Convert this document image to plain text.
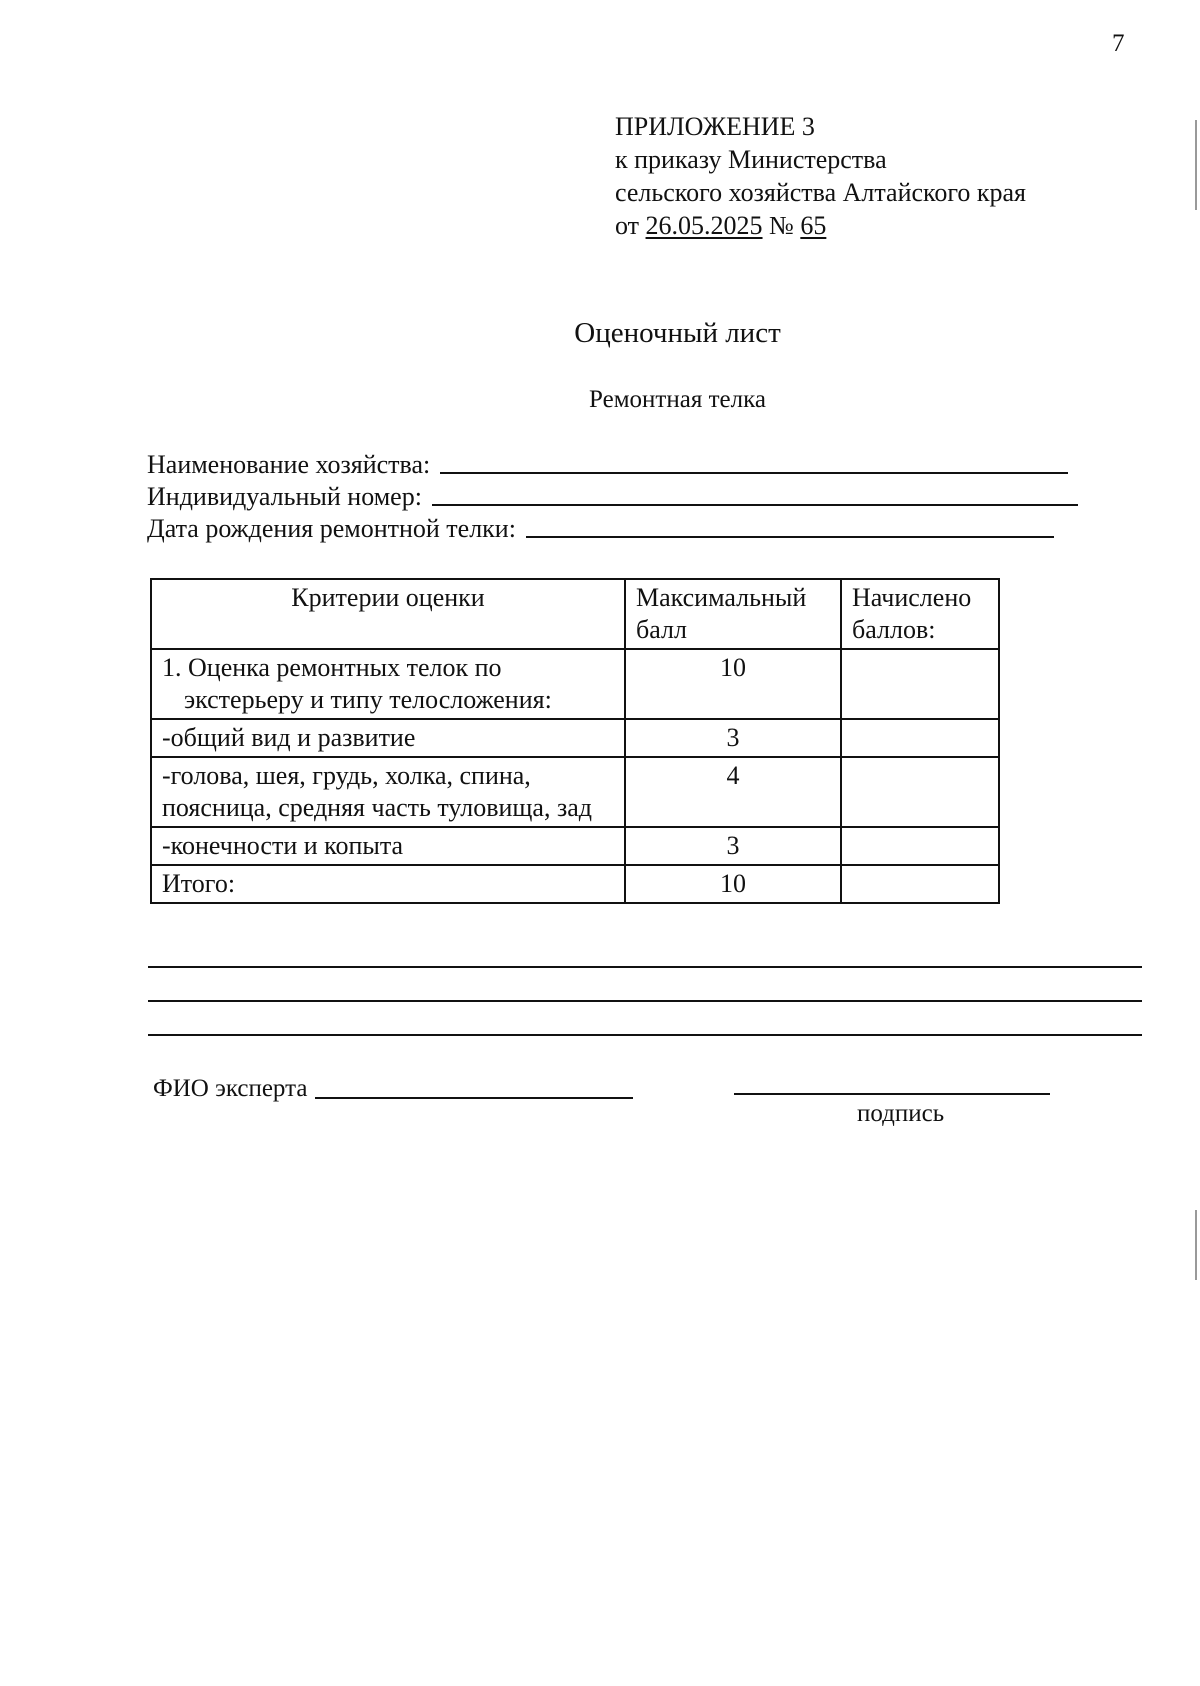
7
ПРИЛОЖЕНИЕ 3
к приказу Министерства
сельского хозяйства Алтайского края
от 26.05.2025 № 65
Оценочный лист
Ремонтная телка
Наименование хозяйства:
Индивидуальный номер:
Дата рождения ремонтной телки:
Критерии оценки	Максимальный балл	Начислено баллов:
1. Оценка ремонтных телок по экстерьеру и типу телосложения:	10	
-общий вид и развитие	3	
-голова, шея, грудь, холка, спина, поясница, средняя часть туловища, зад	4	
-конечности и копыта	3	
Итого:	10	
ФИО эксперта
подпись
